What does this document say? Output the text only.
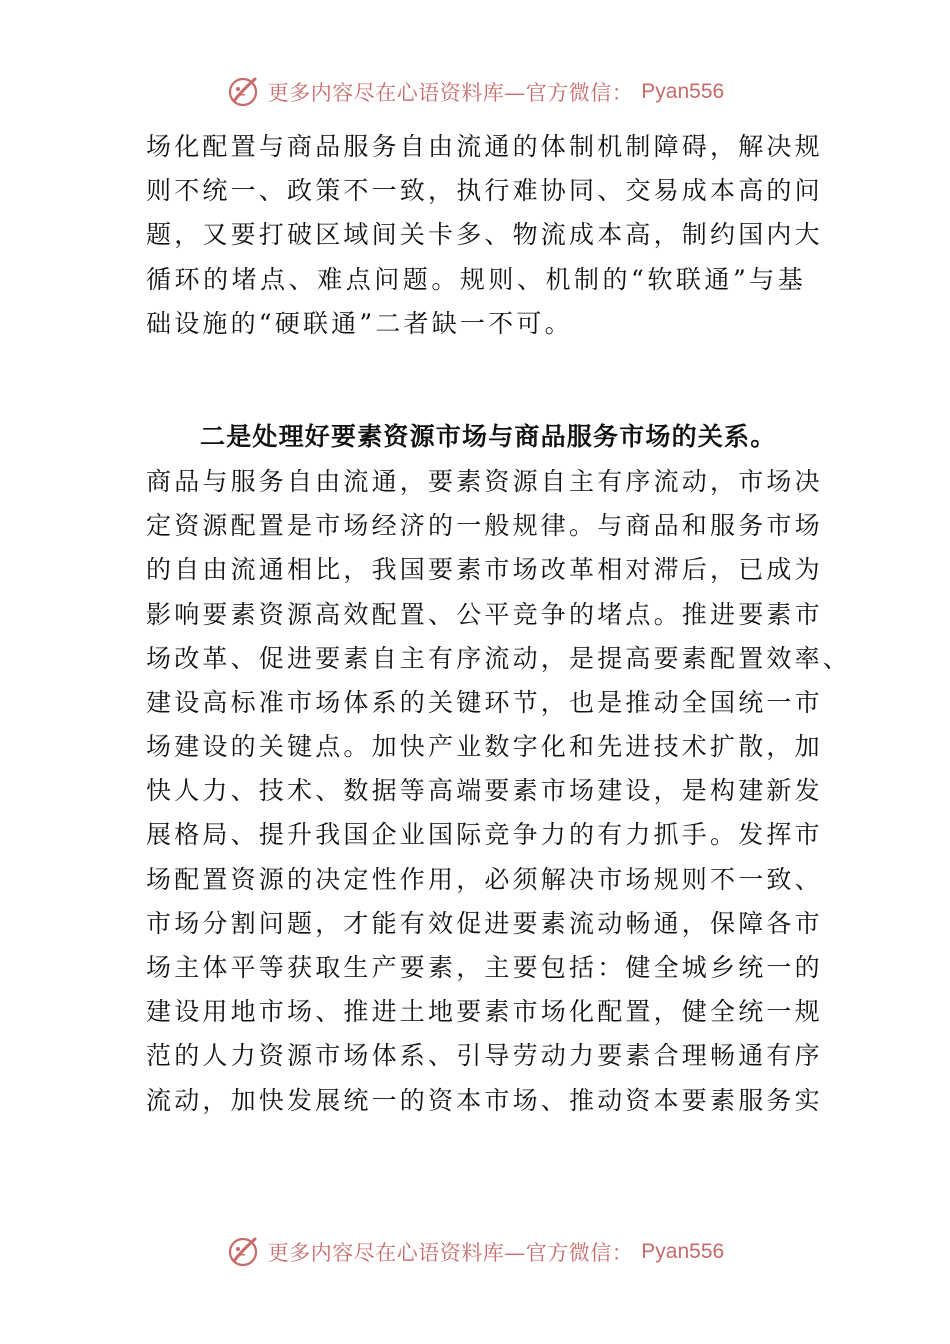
更多内容尽在心语资料库—官方微信： Pyan556
场化配置与商品服务自由流通的体制机制障碍，解决规
则不统一、政策不一致，执行难协同、交易成本高的问
题，又要打破区域间关卡多、物流成本高，制约国内大
循环的堵点、难点问题。规则、机制的“软联通”与基
础设施的“硬联通”二者缺一不可。
二是处理好要素资源市场与商品服务市场的关系。
商品与服务自由流通，要素资源自主有序流动，市场决
定资源配置是市场经济的一般规律。与商品和服务市场
的自由流通相比，我国要素市场改革相对滞后，已成为
影响要素资源高效配置、公平竞争的堵点。推进要素市
场改革、促进要素自主有序流动，是提高要素配置效率、
建设高标准市场体系的关键环节，也是推动全国统一市
场建设的关键点。加快产业数字化和先进技术扩散，加
快人力、技术、数据等高端要素市场建设，是构建新发
展格局、提升我国企业国际竞争力的有力抓手。发挥市
场配置资源的决定性作用，必须解决市场规则不一致、
市场分割问题，才能有效促进要素流动畅通，保障各市
场主体平等获取生产要素，主要包括：健全城乡统一的
建设用地市场、推进土地要素市场化配置，健全统一规
范的人力资源市场体系、引导劳动力要素合理畅通有序
流动，加快发展统一的资本市场、推动资本要素服务实
更多内容尽在心语资料库—官方微信： Pyan556
